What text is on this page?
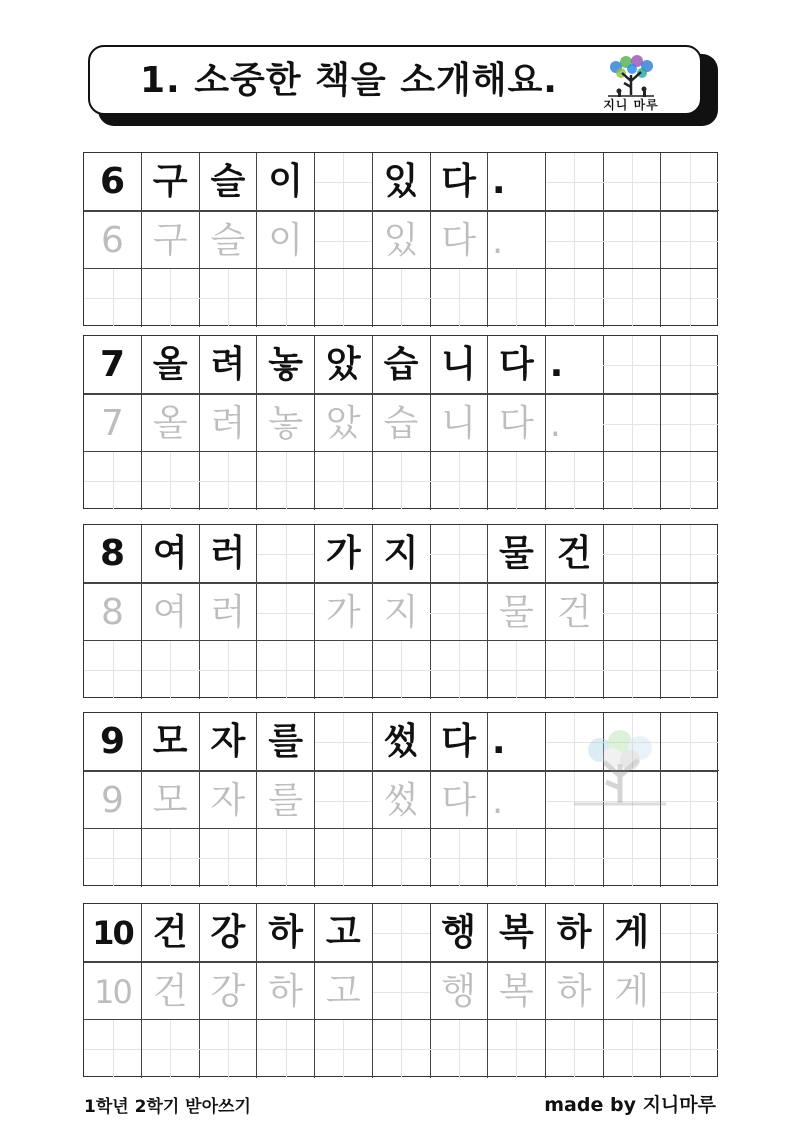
1. 소중한 책을 소개해요.
지니 마루
6 구 슬 이	있 다 .
6 구 슬 이	있 다 .
7 올 려 놓 았 습 니 다 .
7 올 려 놓 았 습 니 다 .
8 여 러	가 지	물 건
8 여 러	가 지	물 건
9 모 자 를	썼 다 .
9 모 자 를	썼 다 .
10 건 강 하 고	행 복 하 게
10 건 강 하 고	행 복 하 게
1학년 2학기 받아쓰기	made by 지니마루
